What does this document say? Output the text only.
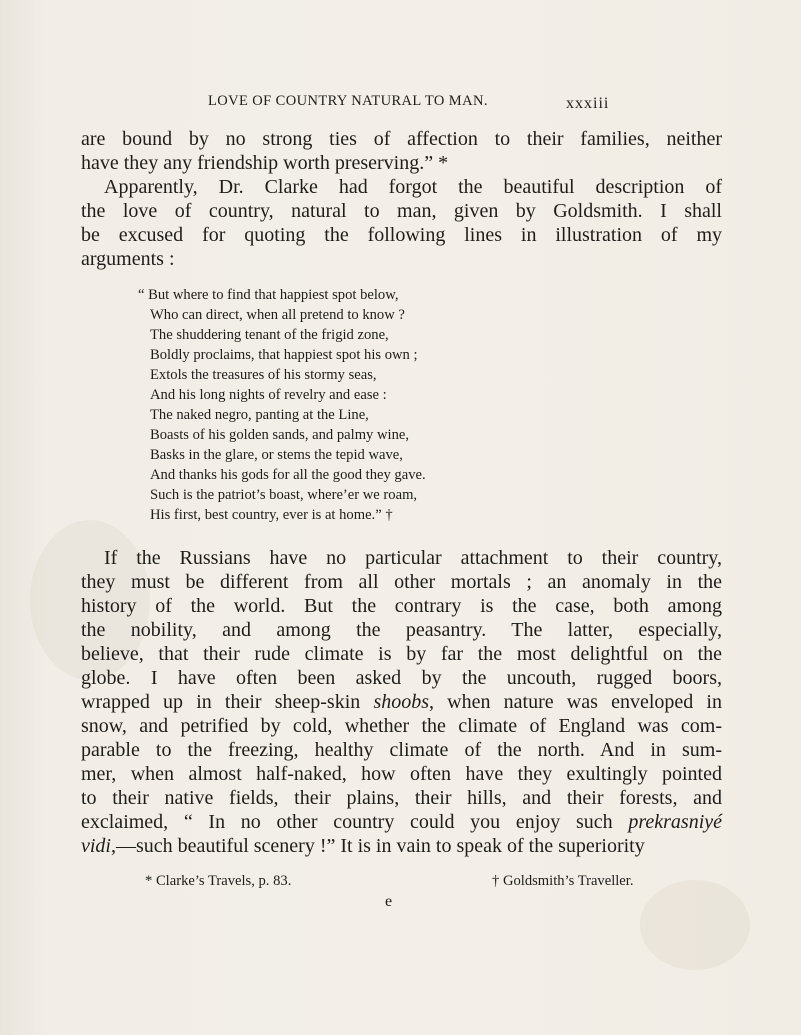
LOVE OF COUNTRY NATURAL TO MAN.	xxxiii
are bound by no strong ties of affection to their families, neither
have they any friendship worth preserving.” *
Apparently, Dr. Clarke had forgot the beautiful description of
the love of country, natural to man, given by Goldsmith. I shall
be excused for quoting the following lines in illustration of my
arguments :
“ But where to find that happiest spot below,
Who can direct, when all pretend to know ?
The shuddering tenant of the frigid zone,
Boldly proclaims, that happiest spot his own ;
Extols the treasures of his stormy seas,
And his long nights of revelry and ease :
The naked negro, panting at the Line,
Boasts of his golden sands, and palmy wine,
Basks in the glare, or stems the tepid wave,
And thanks his gods for all the good they gave.
Such is the patriot’s boast, where’er we roam,
His first, best country, ever is at home.” †
If the Russians have no particular attachment to their country,
they must be different from all other mortals ; an anomaly in the
history of the world. But the contrary is the case, both among
the nobility, and among the peasantry. The latter, especially,
believe, that their rude climate is by far the most delightful on the
globe. I have often been asked by the uncouth, rugged boors,
wrapped up in their sheep-skin shoobs, when nature was enveloped in
snow, and petrified by cold, whether the climate of England was com-
parable to the freezing, healthy climate of the north. And in sum-
mer, when almost half-naked, how often have they exultingly pointed
to their native fields, their plains, their hills, and their forests, and
exclaimed, “ In no other country could you enjoy such prekrasniyé
vidi,—such beautiful scenery !” It is in vain to speak of the superiority
* Clarke’s Travels, p. 83.	† Goldsmith’s Traveller.
e
